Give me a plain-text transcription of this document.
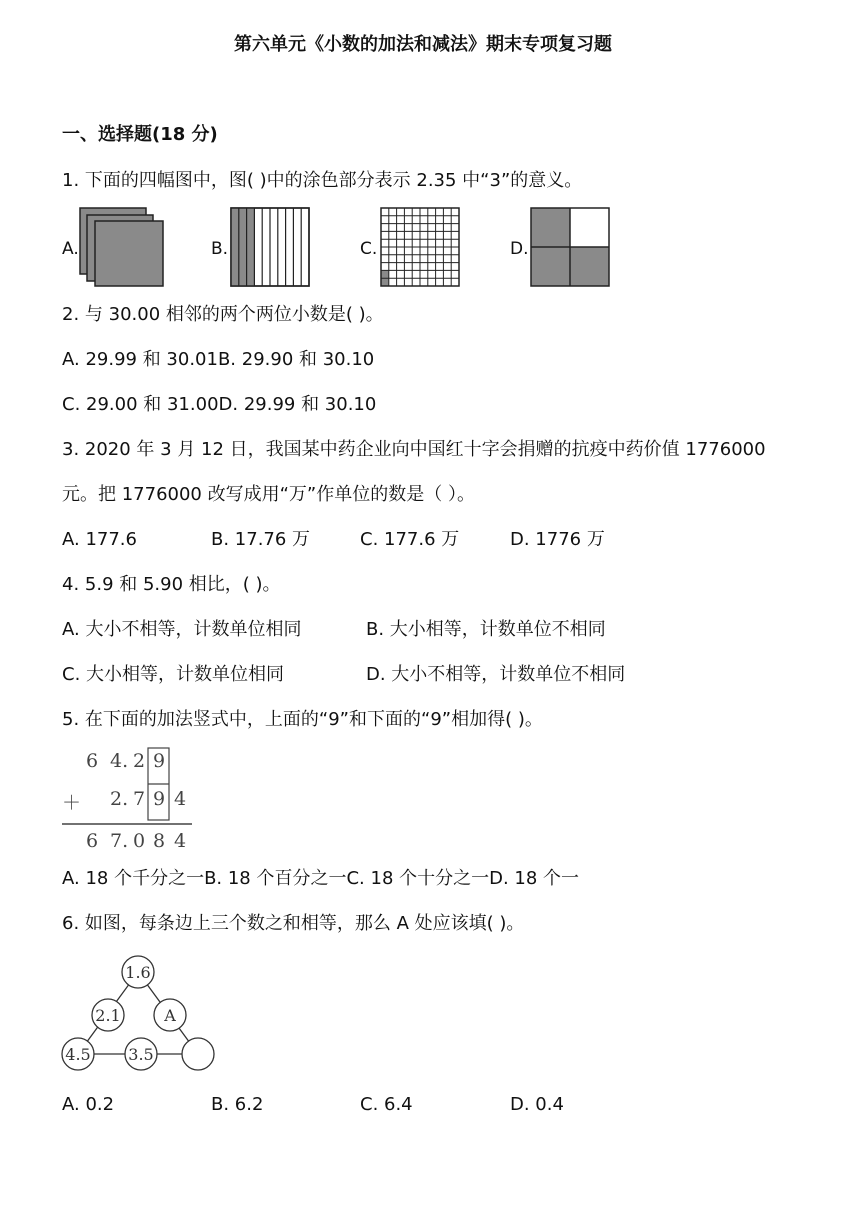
第六单元《小数的加法和减法》期末专项复习题
一、选择题(18 分)
1. 下面的四幅图中，图( )中的涂色部分表示 2.35 中“3”的意义。
A.	B.	C.	D.
2. 与 30.00 相邻的两个两位小数是( )。
A. 29.99 和 30.01B. 29.90 和 30.10
C. 29.00 和 31.00D. 29.99 和 30.10
3. 2020 年 3 月 12 日，我国某中药企业向中国红十字会捐赠的抗疫中药价值 1776000
元。把 1776000 改写成用“万”作单位的数是（ ）。
A. 177.6	B. 17.76 万	C. 177.6 万	D. 1776 万
4. 5.9 和 5.90 相比，( )。
A. 大小不相等，计数单位相同	B. 大小相等，计数单位不相同
C. 大小相等，计数单位相同	D. 大小不相等，计数单位不相同
5. 在下面的加法竖式中，上面的“9”和下面的“9”相加得( )。
6 4. 2 9
＋ 2. 7 9 4
6 7. 0 8 4
A. 18 个千分之一B. 18 个百分之一C. 18 个十分之一D. 18 个一
6. 如图，每条边上三个数之和相等，那么 A 处应该填( )。
1.6
2.1	A
4.5 3.5
A. 0.2	B. 6.2	C. 6.4	D. 0.4
